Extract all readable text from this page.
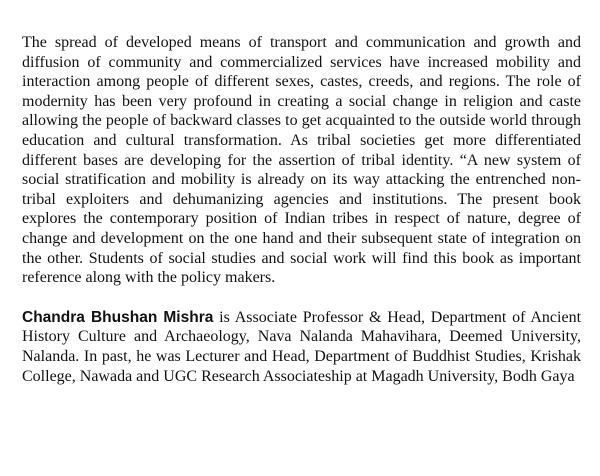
The spread of developed means of transport and communication and growth and diffusion of community and commercialized services have increased mobility and interaction among people of different sexes, castes, creeds, and regions. The role of modernity has been very profound in creating a social change in religion and caste allowing the people of backward classes to get acquainted to the outside world through education and cultural transformation. As tribal societies get more differentiated different bases are developing for the assertion of tribal identity. “A new system of social stratification and mobility is already on its way attacking the entrenched non-tribal exploiters and dehumanizing agencies and institutions. The present book explores the contemporary position of Indian tribes in respect of nature, degree of change and development on the one hand and their subsequent state of integration on the other. Students of social studies and social work will find this book as important reference along with the policy makers.

Chandra Bhushan Mishra is Associate Professor & Head, Department of Ancient History Culture and Archaeology, Nava Nalanda Mahavihara, Deemed University, Nalanda. In past, he was Lecturer and Head, Department of Buddhist Studies, Krishak College, Nawada and UGC Research Associateship at Magadh University, Bodh Gaya
